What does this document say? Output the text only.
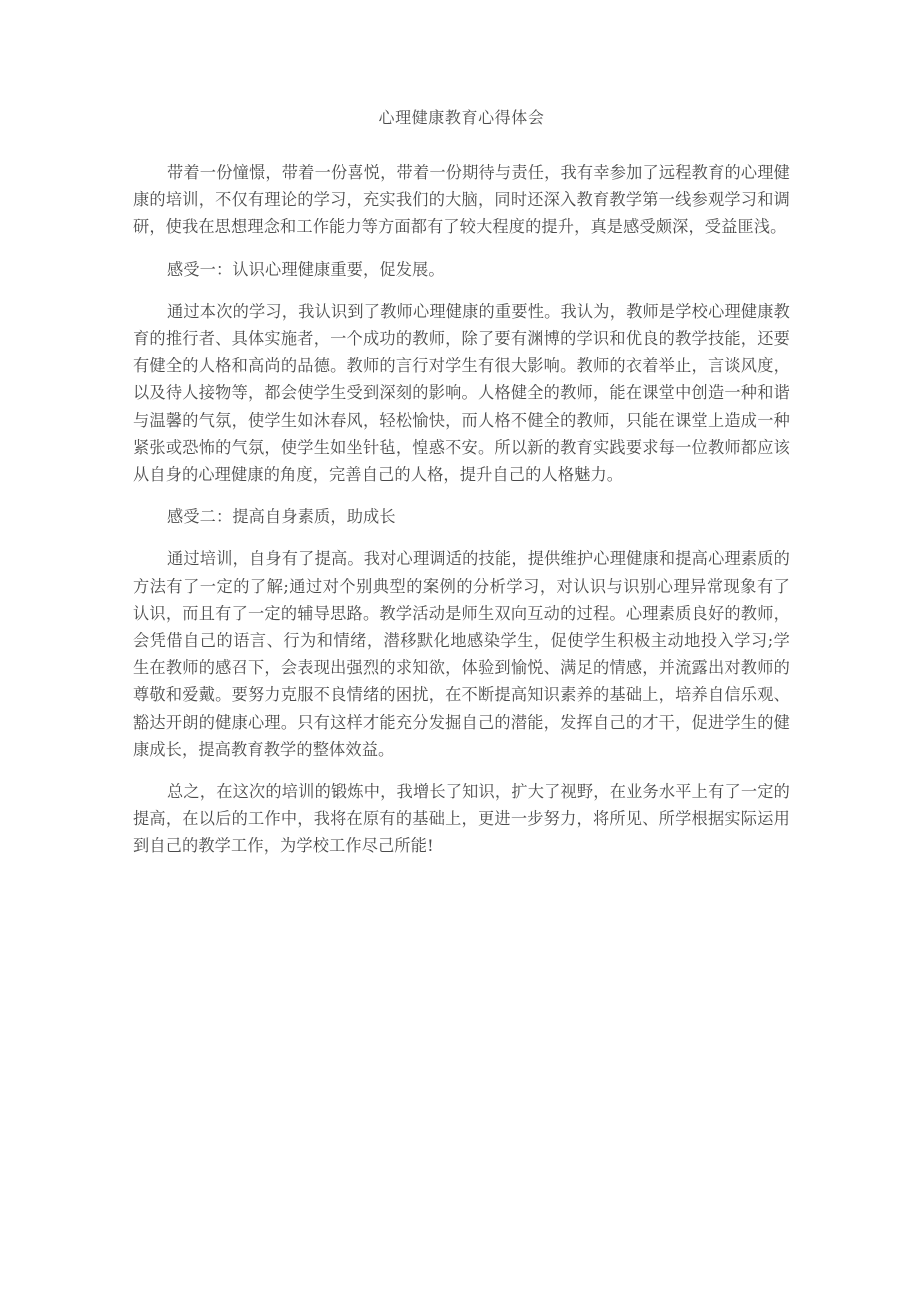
心理健康教育心得体会

带着一份憧憬，带着一份喜悦，带着一份期待与责任，我有幸参加了远程教育的心理健康的培训，不仅有理论的学习，充实我们的大脑，同时还深入教育教学第一线参观学习和调研，使我在思想理念和工作能力等方面都有了较大程度的提升，真是感受颇深，受益匪浅。

感受一：认识心理健康重要，促发展。

通过本次的学习，我认识到了教师心理健康的重要性。我认为，教师是学校心理健康教育的推行者、具体实施者，一个成功的教师，除了要有渊博的学识和优良的教学技能，还要有健全的人格和高尚的品德。教师的言行对学生有很大影响。教师的衣着举止，言谈风度，以及待人接物等，都会使学生受到深刻的影响。人格健全的教师，能在课堂中创造一种和谐与温馨的气氛，使学生如沐春风，轻松愉快，而人格不健全的教师，只能在课堂上造成一种紧张或恐怖的气氛，使学生如坐针毡，惶惑不安。所以新的教育实践要求每一位教师都应该从自身的心理健康的角度，完善自己的人格，提升自己的人格魅力。

感受二：提高自身素质，助成长

通过培训，自身有了提高。我对心理调适的技能，提供维护心理健康和提高心理素质的方法有了一定的了解;通过对个别典型的案例的分析学习，对认识与识别心理异常现象有了认识，而且有了一定的辅导思路。教学活动是师生双向互动的过程。心理素质良好的教师，会凭借自己的语言、行为和情绪，潜移默化地感染学生，促使学生积极主动地投入学习;学生在教师的感召下，会表现出强烈的求知欲，体验到愉悦、满足的情感，并流露出对教师的尊敬和爱戴。要努力克服不良情绪的困扰，在不断提高知识素养的基础上，培养自信乐观、豁达开朗的健康心理。只有这样才能充分发掘自己的潜能，发挥自己的才干，促进学生的健康成长，提高教育教学的整体效益。

总之，在这次的培训的锻炼中，我增长了知识，扩大了视野，在业务水平上有了一定的提高，在以后的工作中，我将在原有的基础上，更进一步努力，将所见、所学根据实际运用到自己的教学工作，为学校工作尽己所能!
